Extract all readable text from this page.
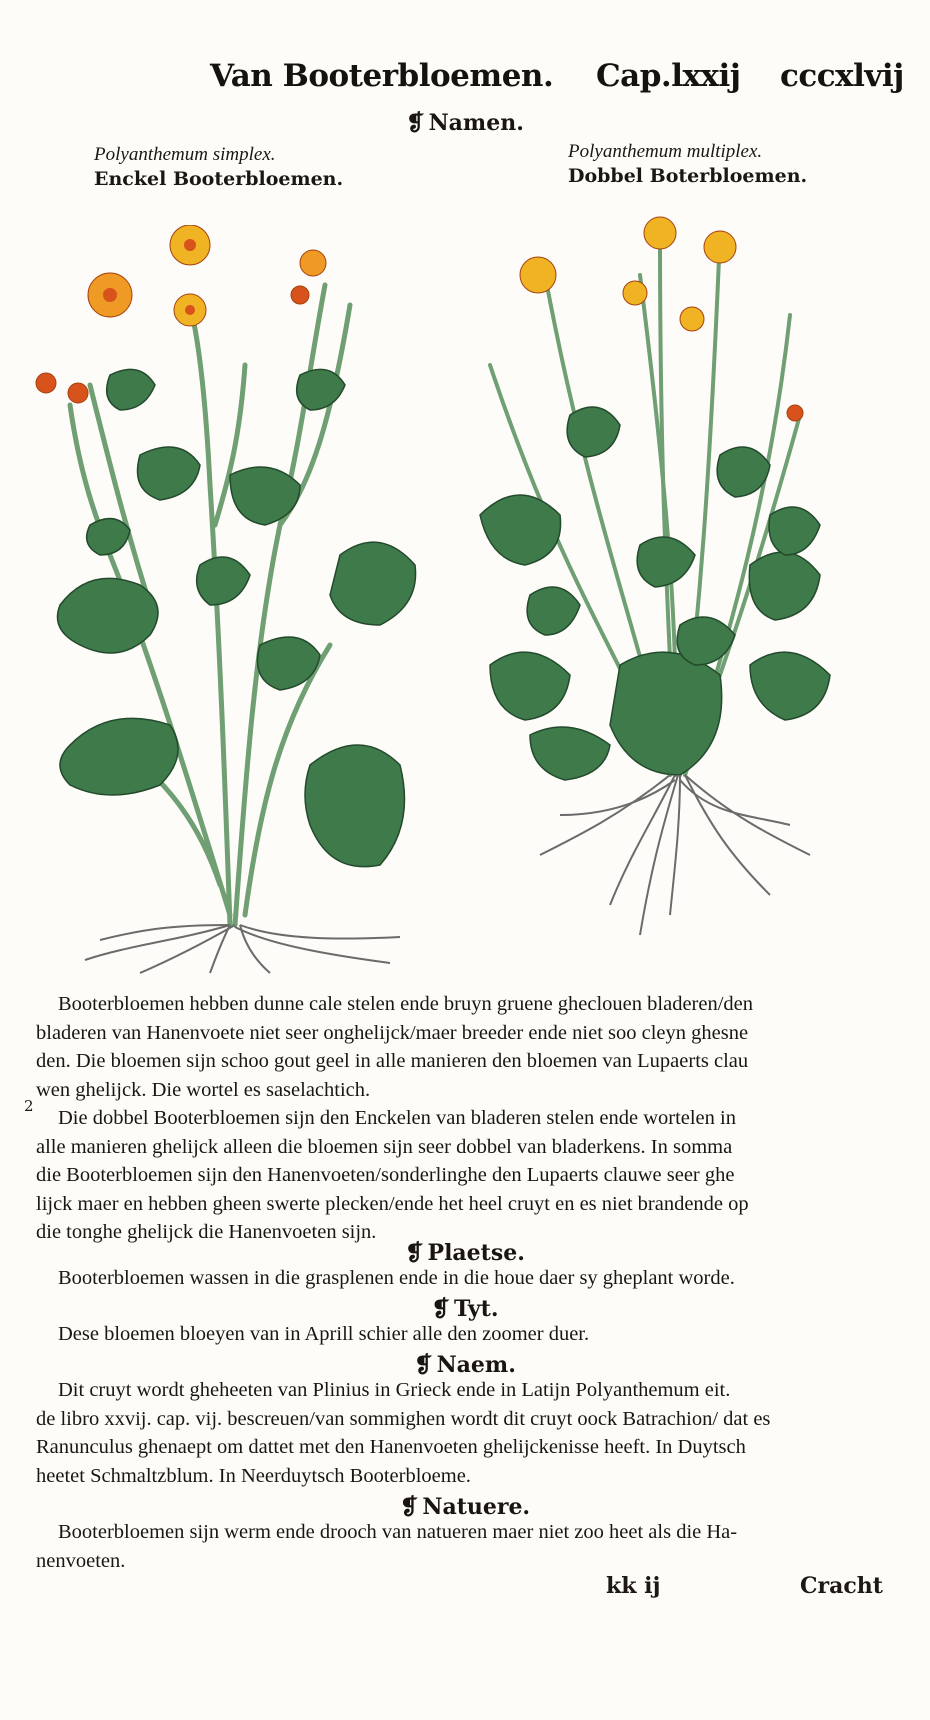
Van Booterbloemen. Cap.lxxij cccxlvij
❡ Namen.
Polyanthemum simplex.
Enckel Booterbloemen.
Polyanthemum multiplex.
Dobbel Boterbloemen.
Booterbloemen hebben dunne cale stelen ende bruyn gruene gheclouen bladeren/den
bladeren van Hanenvoete niet seer onghelijck/maer breeder ende niet soo cleyn ghesne
den. Die bloemen sijn schoo gout geel in alle manieren den bloemen van Lupaerts clau
wen ghelijck. Die wortel es saselachtich.
2
Die dobbel Booterbloemen sijn den Enckelen van bladeren stelen ende wortelen in
alle manieren ghelijck alleen die bloemen sijn seer dobbel van bladerkens. In somma
die Booterbloemen sijn den Hanenvoeten/sonderlinghe den Lupaerts clauwe seer ghe
lijck maer en hebben gheen swerte plecken/ende het heel cruyt en es niet brandende op
die tonghe ghelijck die Hanenvoeten sijn.
❡ Plaetse.
Booterbloemen wassen in die grasplenen ende in die houe daer sy gheplant worde.
❡ Tyt.
Dese bloemen bloeyen van in Aprill schier alle den zoomer duer.
❡ Naem.
Dit cruyt wordt gheheeten van Plinius in Grieck ende in Latijn Polyanthemum eit.
de libro xxvij. cap. vij. bescreuen/van sommighen wordt dit cruyt oock Batrachion/ dat es
Ranunculus ghenaept om dattet met den Hanenvoeten ghelijckenisse heeft. In Duytsch
heetet Schmaltzblum. In Neerduytsch Booterbloeme.
❡ Natuere.
Booterbloemen sijn werm ende drooch van natueren maer niet zoo heet als die Ha-
nenvoeten.
kk ij	Cracht
